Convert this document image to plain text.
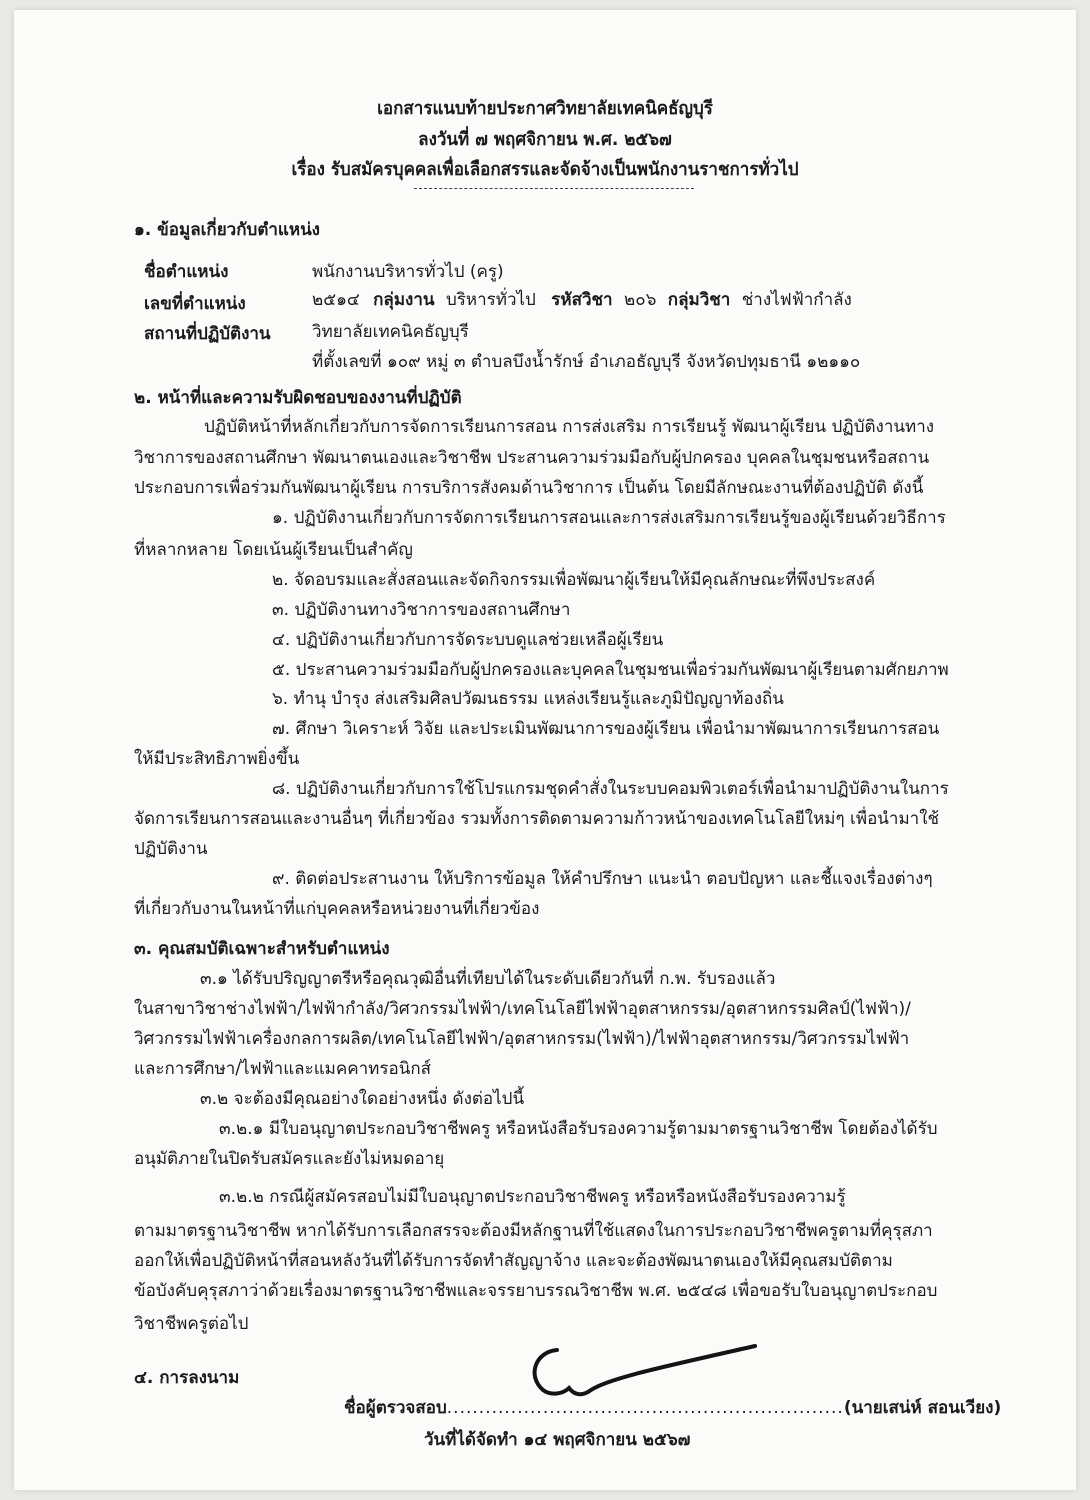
เอกสารแนบท้ายประกาศวิทยาลัยเทคนิคธัญบุรี
ลงวันที่ ๗ พฤศจิกายน พ.ศ. ๒๕๖๗
เรื่อง รับสมัครบุคคลเพื่อเลือกสรรและจัดจ้างเป็นพนักงานราชการทั่วไป
๑. ข้อมูลเกี่ยวกับตำแหน่ง
ชื่อตำแหน่ง	พนักงานบริหารทั่วไป (ครู)
เลขที่ตำแหน่ง	๒๕๑๔ กลุ่มงาน บริหารทั่วไป รหัสวิชา ๒๐๖ กลุ่มวิชา ช่างไฟฟ้ากำลัง
สถานที่ปฏิบัติงาน วิทยาลัยเทคนิคธัญบุรี
ที่ตั้งเลขที่ ๑๐๙ หมู่ ๓ ตำบลบึงน้ำรักษ์ อำเภอธัญบุรี จังหวัดปทุมธานี ๑๒๑๑๐
๒. หน้าที่และความรับผิดชอบของงานที่ปฏิบัติ
ปฏิบัติหน้าที่หลักเกี่ยวกับการจัดการเรียนการสอน การส่งเสริม การเรียนรู้ พัฒนาผู้เรียน ปฏิบัติงานทาง
วิชาการของสถานศึกษา พัฒนาตนเองและวิชาชีพ ประสานความร่วมมือกับผู้ปกครอง บุคคลในชุมชนหรือสถาน
ประกอบการเพื่อร่วมกันพัฒนาผู้เรียน การบริการสังคมด้านวิชาการ เป็นต้น โดยมีลักษณะงานที่ต้องปฏิบัติ ดังนี้
๑. ปฏิบัติงานเกี่ยวกับการจัดการเรียนการสอนและการส่งเสริมการเรียนรู้ของผู้เรียนด้วยวิธีการ
ที่หลากหลาย โดยเน้นผู้เรียนเป็นสำคัญ
๒. จัดอบรมและสั่งสอนและจัดกิจกรรมเพื่อพัฒนาผู้เรียนให้มีคุณลักษณะที่พึงประสงค์
๓. ปฏิบัติงานทางวิชาการของสถานศึกษา
๔. ปฏิบัติงานเกี่ยวกับการจัดระบบดูแลช่วยเหลือผู้เรียน
๕. ประสานความร่วมมือกับผู้ปกครองและบุคคลในชุมชนเพื่อร่วมกันพัฒนาผู้เรียนตามศักยภาพ
๖. ทำนุ บำรุง ส่งเสริมศิลปวัฒนธรรม แหล่งเรียนรู้และภูมิปัญญาท้องถิ่น
๗. ศึกษา วิเคราะห์ วิจัย และประเมินพัฒนาการของผู้เรียน เพื่อนำมาพัฒนาการเรียนการสอน
ให้มีประสิทธิภาพยิ่งขึ้น
๘. ปฏิบัติงานเกี่ยวกับการใช้โปรแกรมชุดคำสั่งในระบบคอมพิวเตอร์เพื่อนำมาปฏิบัติงานในการ
จัดการเรียนการสอนและงานอื่นๆ ที่เกี่ยวข้อง รวมทั้งการติดตามความก้าวหน้าของเทคโนโลยีใหม่ๆ เพื่อนำมาใช้
ปฏิบัติงาน
๙. ติดต่อประสานงาน ให้บริการข้อมูล ให้คำปรึกษา แนะนำ ตอบปัญหา และชี้แจงเรื่องต่างๆ
ที่เกี่ยวกับงานในหน้าที่แก่บุคคลหรือหน่วยงานที่เกี่ยวข้อง
๓. คุณสมบัติเฉพาะสำหรับตำแหน่ง
๓.๑ ได้รับปริญญาตรีหรือคุณวุฒิอื่นที่เทียบได้ในระดับเดียวกันที่ ก.พ. รับรองแล้ว
ในสาขาวิชาช่างไฟฟ้า/ไฟฟ้ากำลัง/วิศวกรรมไฟฟ้า/เทคโนโลยีไฟฟ้าอุตสาหกรรม/อุตสาหกรรมศิลป์(ไฟฟ้า)/
วิศวกรรมไฟฟ้าเครื่องกลการผลิต/เทคโนโลยีไฟฟ้า/อุตสาหกรรม(ไฟฟ้า)/ไฟฟ้าอุตสาหกรรม/วิศวกรรมไฟฟ้า
และการศึกษา/ไฟฟ้าและแมคคาทรอนิกส์
๓.๒ จะต้องมีคุณอย่างใดอย่างหนึ่ง ดังต่อไปนี้
๓.๒.๑ มีใบอนุญาตประกอบวิชาชีพครู หรือหนังสือรับรองความรู้ตามมาตรฐานวิชาชีพ โดยต้องได้รับ
อนุมัติภายในปิดรับสมัครและยังไม่หมดอายุ
๓.๒.๒ กรณีผู้สมัครสอบไม่มีใบอนุญาตประกอบวิชาชีพครู หรือหรือหนังสือรับรองความรู้
ตามมาตรฐานวิชาชีพ หากได้รับการเลือกสรรจะต้องมีหลักฐานที่ใช้แสดงในการประกอบวิชาชีพครูตามที่คุรุสภา
ออกให้เพื่อปฏิบัติหน้าที่สอนหลังวันที่ได้รับการจัดทำสัญญาจ้าง และจะต้องพัฒนาตนเองให้มีคุณสมบัติตาม
ข้อบังคับคุรุสภาว่าด้วยเรื่องมาตรฐานวิชาชีพและจรรยาบรรณวิชาชีพ พ.ศ. ๒๕๔๘ เพื่อขอรับใบอนุญาตประกอบ
วิชาชีพครูต่อไป
๔. การลงนาม
ชื่อผู้ตรวจสอบ..............................................................(นายเสน่ห์ สอนเวียง)
วันที่ได้จัดทำ ๑๔ พฤศจิกายน ๒๕๖๗
